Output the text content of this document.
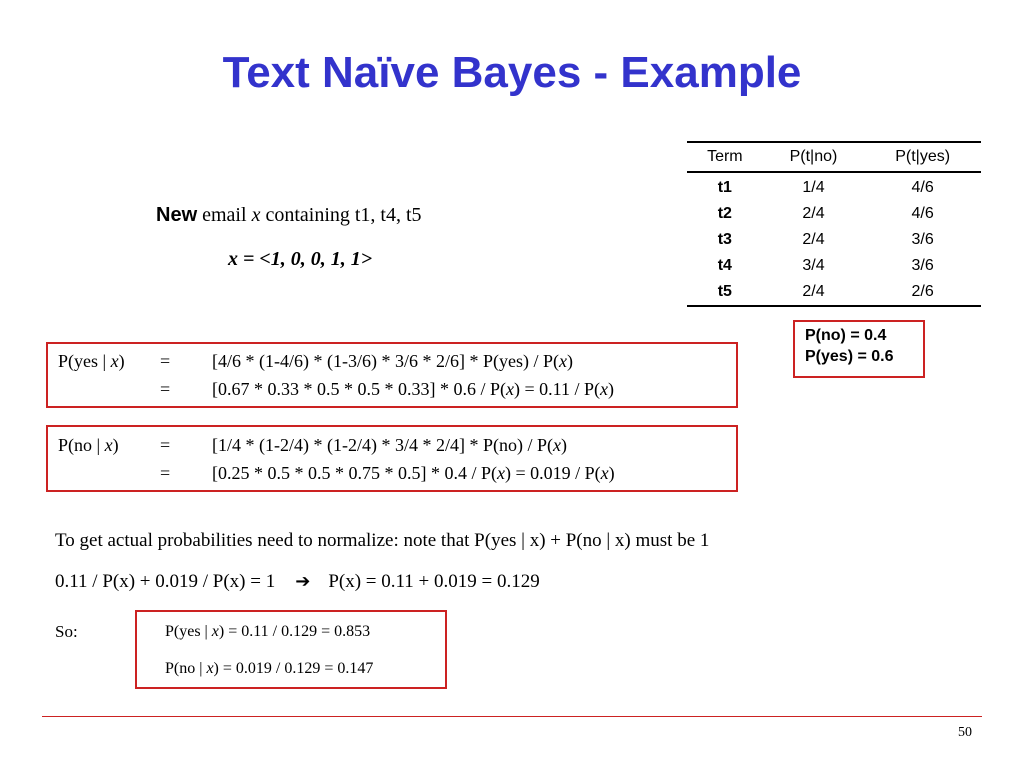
Text Naïve Bayes - Example
New email x containing t1, t4, t5
x = <1, 0, 0, 1, 1>
Term	P(t|no)	P(t|yes)
t1	1/4	4/6
t2	2/4	4/6
t3	2/4	3/6
t4	3/4	3/6
t5	2/4	2/6
P(no) = 0.4
P(yes) = 0.6
P(yes | x) = [4/6 * (1-4/6) * (1-3/6) * 3/6 * 2/6] * P(yes) / P(x)
= [0.67 * 0.33 * 0.5 * 0.5 * 0.33] * 0.6 / P(x) = 0.11 / P(x)
P(no | x) = [1/4 * (1-2/4) * (1-2/4) * 3/4 * 2/4] * P(no) / P(x)
= [0.25 * 0.5 * 0.5 * 0.75 * 0.5] * 0.4 / P(x) = 0.019 / P(x)
To get actual probabilities need to normalize: note that P(yes | x) + P(no | x) must be 1
0.11 / P(x) + 0.019 / P(x) = 1 ➔ P(x) = 0.11 + 0.019 = 0.129
So:	P(yes | x) = 0.11 / 0.129 = 0.853
P(no | x) = 0.019 / 0.129 = 0.147
50
